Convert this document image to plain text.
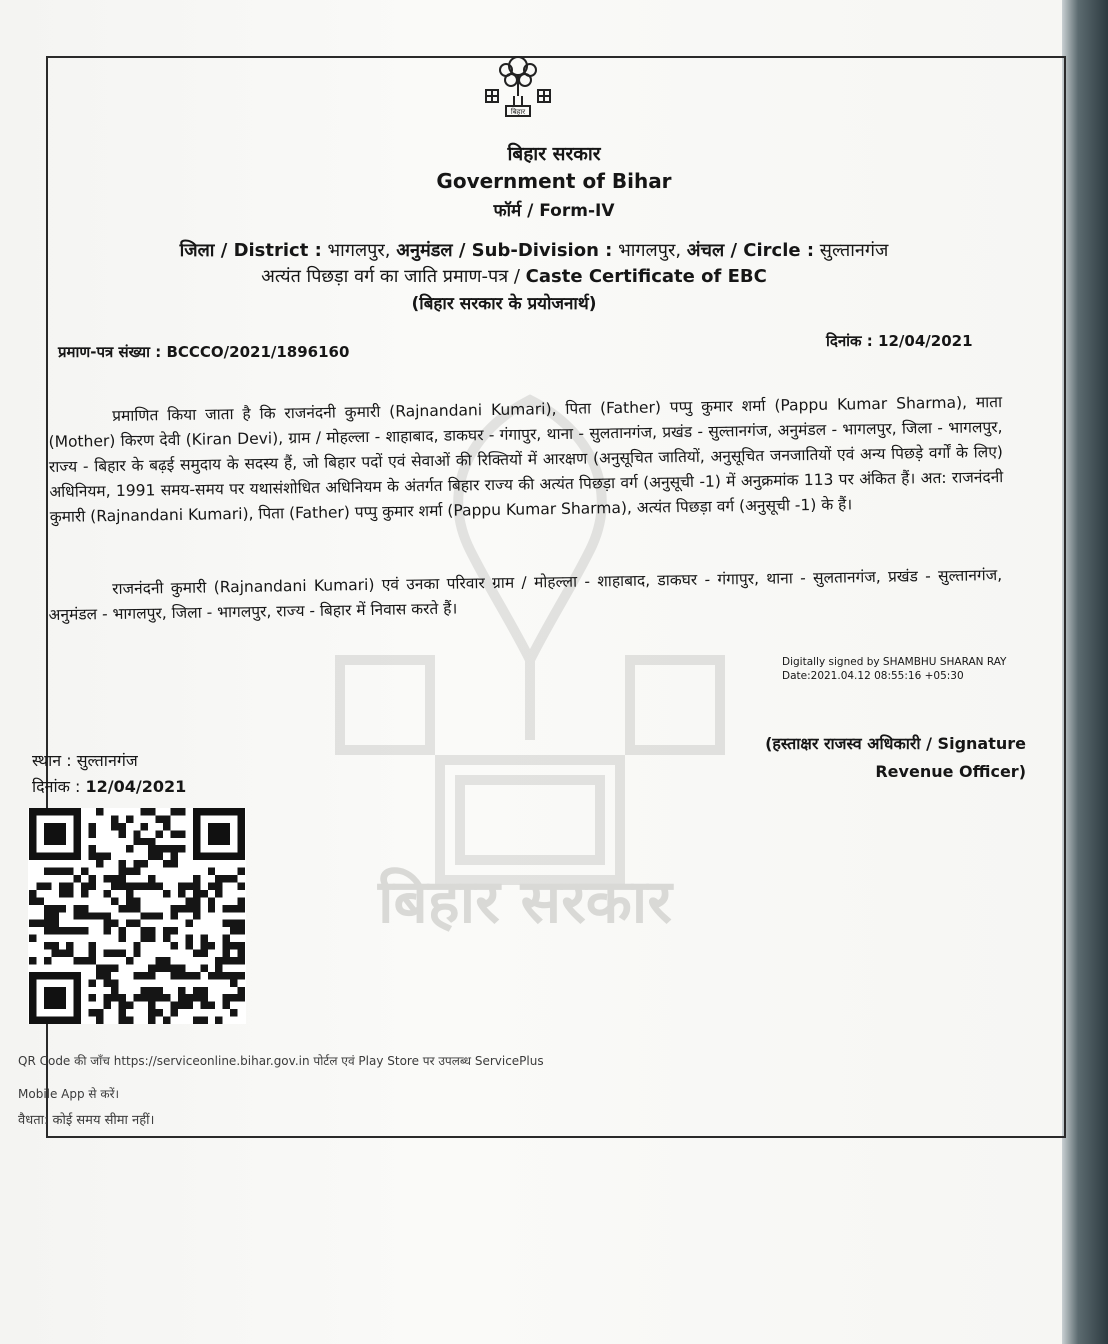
बिहार सरकार
बिहार
बिहार सरकार
Government of Bihar
फॉर्म / Form-IV
जिला / District : भागलपुर, अनुमंडल / Sub-Division : भागलपुर, अंचल / Circle : सुल्तानगंज
अत्यंत पिछड़ा वर्ग का जाति प्रमाण-पत्र / Caste Certificate of EBC
(बिहार सरकार के प्रयोजनार्थ)
प्रमाण-पत्र संख्या : BCCCO/2021/1896160
दिनांक : 12/04/2021

प्रमाणित किया जाता है कि राजनंदनी कुमारी (Rajnandani Kumari), पिता (Father) पप्पु कुमार शर्मा (Pappu Kumar Sharma), माता (Mother) किरण देवी (Kiran Devi), ग्राम / मोहल्ला - शाहाबाद, डाकघर - गंगापुर, थाना - सुलतानगंज, प्रखंड - सुल्तानगंज, अनुमंडल - भागलपुर, जिला - भागलपुर, राज्य - बिहार के बढ़ई समुदाय के सदस्य हैं, जो बिहार पदों एवं सेवाओं की रिक्तियों में आरक्षण (अनुसूचित जातियों, अनुसूचित जनजातियों एवं अन्य पिछड़े वर्गों के लिए) अधिनियम, 1991 समय-समय पर यथासंशोधित अधिनियम के अंतर्गत बिहार राज्य की अत्यंत पिछड़ा वर्ग (अनुसूची -1) में अनुक्रमांक 113 पर अंकित हैं। अत: राजनंदनी कुमारी (Rajnandani Kumari), पिता (Father) पप्पु कुमार शर्मा (Pappu Kumar Sharma), अत्यंत पिछड़ा वर्ग (अनुसूची -1) के हैं।

राजनंदनी कुमारी (Rajnandani Kumari) एवं उनका परिवार ग्राम / मोहल्ला - शाहाबाद, डाकघर - गंगापुर, थाना - सुलतानगंज, प्रखंड - सुल्तानगंज, अनुमंडल - भागलपुर, जिला - भागलपुर, राज्य - बिहार में निवास करते हैं।

Digitally signed by SHAMBHU SHARAN RAY
Date:2021.04.12 08:55:16 +05:30
(हस्ताक्षर राजस्व अधिकारी / Signature
Revenue Officer)
स्थान : सुल्तानगंज
दिनांक : 12/04/2021
QR Code की जाँच https://serviceonline.bihar.gov.in पोर्टल एवं Play Store पर उपलब्ध ServicePlus
Mobile App से करें।
वैधता: कोई समय सीमा नहीं।
